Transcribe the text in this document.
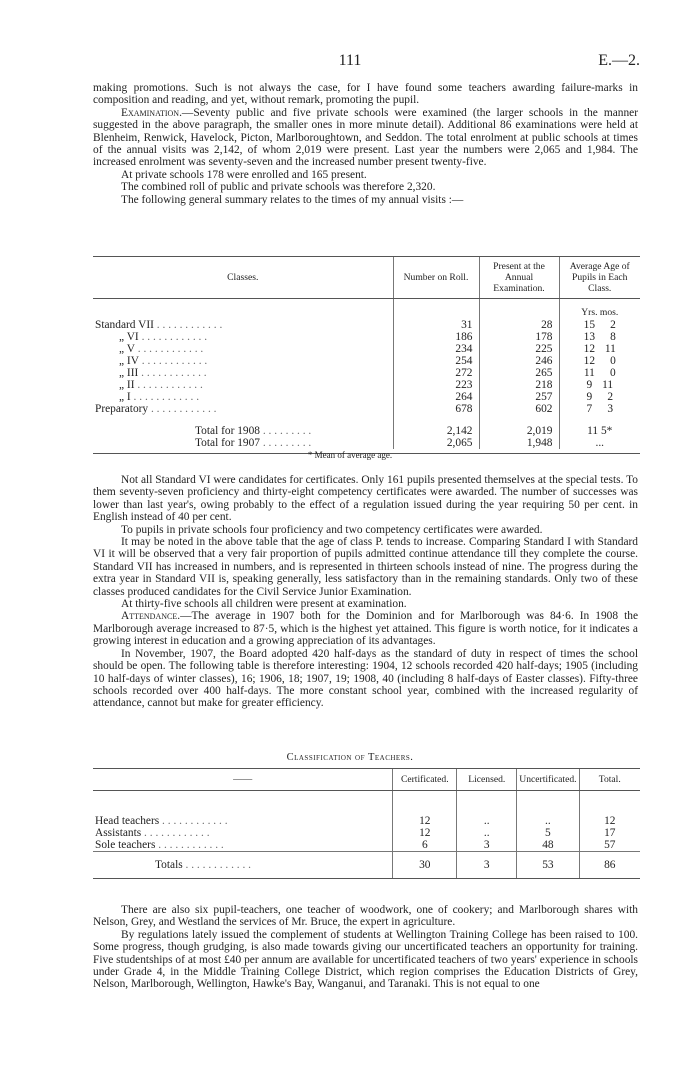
111	E.—2.

making promotions. Such is not always the case, for I have found some teachers awarding failure-marks in composition and reading, and yet, without remark, promoting the pupil.

Examination.—Seventy public and five private schools were examined (the larger schools in the manner suggested in the above paragraph, the smaller ones in more minute detail). Additional 86 examinations were held at Blenheim, Renwick, Havelock, Picton, Marlboroughtown, and Seddon. The total enrolment at public schools at times of the annual visits was 2,142, of whom 2,019 were present. Last year the numbers were 2,065 and 1,984. The increased enrolment was seventy-seven and the increased number present twenty-five.

At private schools 178 were enrolled and 165 present.

The combined roll of public and private schools was therefore 2,320.

The following general summary relates to the times of my annual visits :—

Classes.	Number on Roll.	Present at the Annual Examination.	Average Age of Pupils in Each Class.
			Yrs. mos.
Standard VII . . . . . . . . . . . .	31	28	15 2
„ VI . . . . . . . . . . . .	186	178	13 8
„ V . . . . . . . . . . . .	234	225	12 11
„ IV . . . . . . . . . . . .	254	246	12 0
„ III . . . . . . . . . . . .	272	265	11 0
„ II . . . . . . . . . . . .	223	218	9 11
„ I . . . . . . . . . . . .	264	257	9 2
Preparatory . . . . . . . . . . . .	678	602	7 3

Total for 1908 . . . . . . . . .	2,142	2,019	11 5*
Total for 1907 . . . . . . . . .	2,065	1,948	...

* Mean of average age.

Not all Standard VI were candidates for certificates. Only 161 pupils presented themselves at the special tests. To them seventy-seven proficiency and thirty-eight competency certificates were awarded. The number of successes was lower than last year's, owing probably to the effect of a regulation issued during the year requiring 50 per cent. in English instead of 40 per cent.

To pupils in private schools four proficiency and two competency certificates were awarded.

It may be noted in the above table that the age of class P. tends to increase. Comparing Standard I with Standard VI it will be observed that a very fair proportion of pupils admitted continue attendance till they complete the course. Standard VII has increased in numbers, and is represented in thirteen schools instead of nine. The progress during the extra year in Standard VII is, speaking generally, less satisfactory than in the remaining standards. Only two of these classes produced candidates for the Civil Service Junior Examination.

At thirty-five schools all children were present at examination.

Attendance.—The average in 1907 both for the Dominion and for Marlborough was 84·6. In 1908 the Marlborough average increased to 87·5, which is the highest yet attained. This figure is worth notice, for it indicates a growing interest in education and a growing appreciation of its advantages.

In November, 1907, the Board adopted 420 half-days as the standard of duty in respect of times the school should be open. The following table is therefore interesting: 1904, 12 schools recorded 420 half-days; 1905 (including 10 half-days of winter classes), 16; 1906, 18; 1907, 19; 1908, 40 (including 8 half-days of Easter classes). Fifty-three schools recorded over 400 half-days. The more constant school year, combined with the increased regularity of attendance, cannot but make for greater efficiency.

Classification of Teachers.
——	Certificated.	Licensed.	Uncertificated.	Total.

Head teachers . . . . . . . . . . . .	12	..	..	12
Assistants . . . . . . . . . . . .	12	..	5	17
Sole teachers . . . . . . . . . . . .	6	3	48	57
Totals . . . . . . . . . . . .	30	3	53	86

There are also six pupil-teachers, one teacher of woodwork, one of cookery; and Marlborough shares with Nelson, Grey, and Westland the services of Mr. Bruce, the expert in agriculture.

By regulations lately issued the complement of students at Wellington Training College has been raised to 100. Some progress, though grudging, is also made towards giving our uncertificated teachers an opportunity for training. Five studentships of at most £40 per annum are available for uncertificated teachers of two years' experience in schools under Grade 4, in the Middle Training College District, which region comprises the Education Districts of Grey, Nelson, Marlborough, Wellington, Hawke's Bay, Wanganui, and Taranaki. This is not equal to one
